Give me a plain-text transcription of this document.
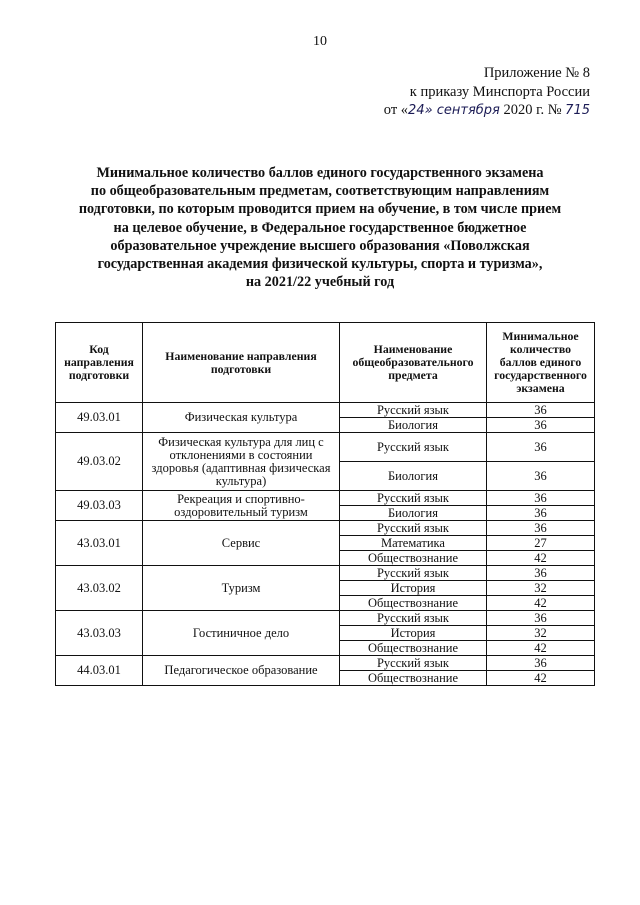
10
Приложение № 8
к приказу Минспорта России
от «24» сентября 2020 г. № 715
Минимальное количество баллов единого государственного экзамена
по общеобразовательным предметам, соответствующим направлениям
подготовки, по которым проводится прием на обучение, в том числе прием
на целевое обучение, в Федеральное государственное бюджетное
образовательное учреждение высшего образования «Поволжская
государственная академия физической культуры, спорта и туризма»,
на 2021/22 учебный год
Код направления подготовки	Наименование направления подготовки	Наименование общеобразовательного предмета	Минимальное количество баллов единого государственного экзамена
49.03.01	Физическая культура	Русский язык	36
		Биология	36
49.03.02	Физическая культура для лиц с отклонениями в состоянии здоровья (адаптивная физическая культура)	Русский язык	36
		Биология	36
49.03.03	Рекреация и спортивно-оздоровительный туризм	Русский язык	36
		Биология	36
43.03.01	Сервис	Русский язык	36
		Математика	27
		Обществознание	42
43.03.02	Туризм	Русский язык	36
		История	32
		Обществознание	42
43.03.03	Гостиничное дело	Русский язык	36
		История	32
		Обществознание	42
44.03.01	Педагогическое образование	Русский язык	36
		Обществознание	42
